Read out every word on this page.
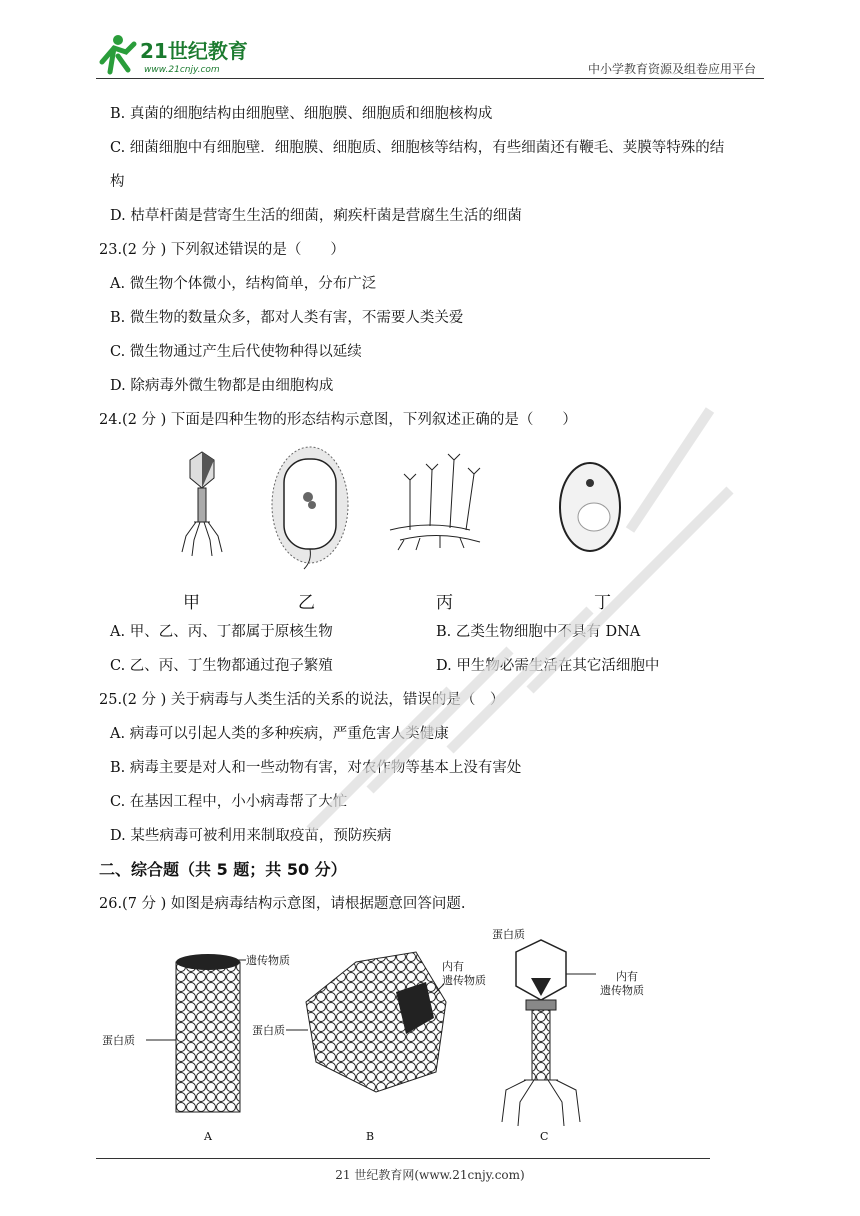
21世纪教育
www.21cnjy.com	中小学教育资源及组卷应用平台
B. 真菌的细胞结构由细胞壁、细胞膜、细胞质和细胞核构成
C. 细菌细胞中有细胞壁．细胞膜、细胞质、细胞核等结构，有些细菌还有鞭毛、荚膜等特殊的结
构
D. 枯草杆菌是营寄生生活的细菌，痢疾杆菌是营腐生生活的细菌
23.(2 分 ) 下列叙述错误的是（　　）
A. 微生物个体微小，结构简单，分布广泛
B. 微生物的数量众多，都对人类有害，不需要人类关爱
C. 微生物通过产生后代使物种得以延续
D. 除病毒外微生物都是由细胞构成
24.(2 分 ) 下面是四种生物的形态结构示意图，下列叙述正确的是（　　）
甲	乙	丙	丁
A. 甲、乙、丙、丁都属于原核生物	B. 乙类生物细胞中不具有 DNA
C. 乙、丙、丁生物都通过孢子繁殖	D. 甲生物必需生活在其它活细胞中
25.(2 分 ) 关于病毒与人类生活的关系的说法，错误的是（　）
A. 病毒可以引起人类的多种疾病，严重危害人类健康
B. 病毒主要是对人和一些动物有害，对农作物等基本上没有害处
C. 在基因工程中，小小病毒帮了大忙
D. 某些病毒可被利用来制取疫苗，预防疾病
二、综合题（共 5 题；共 50 分）
26.(7 分 ) 如图是病毒结构示意图，请根据题意回答问题.
遗传物质
蛋白质
A
内有
遗传物质
蛋白质
B
蛋白质
内有
遗传物质
C
21 世纪教育网(www.21cnjy.com)
